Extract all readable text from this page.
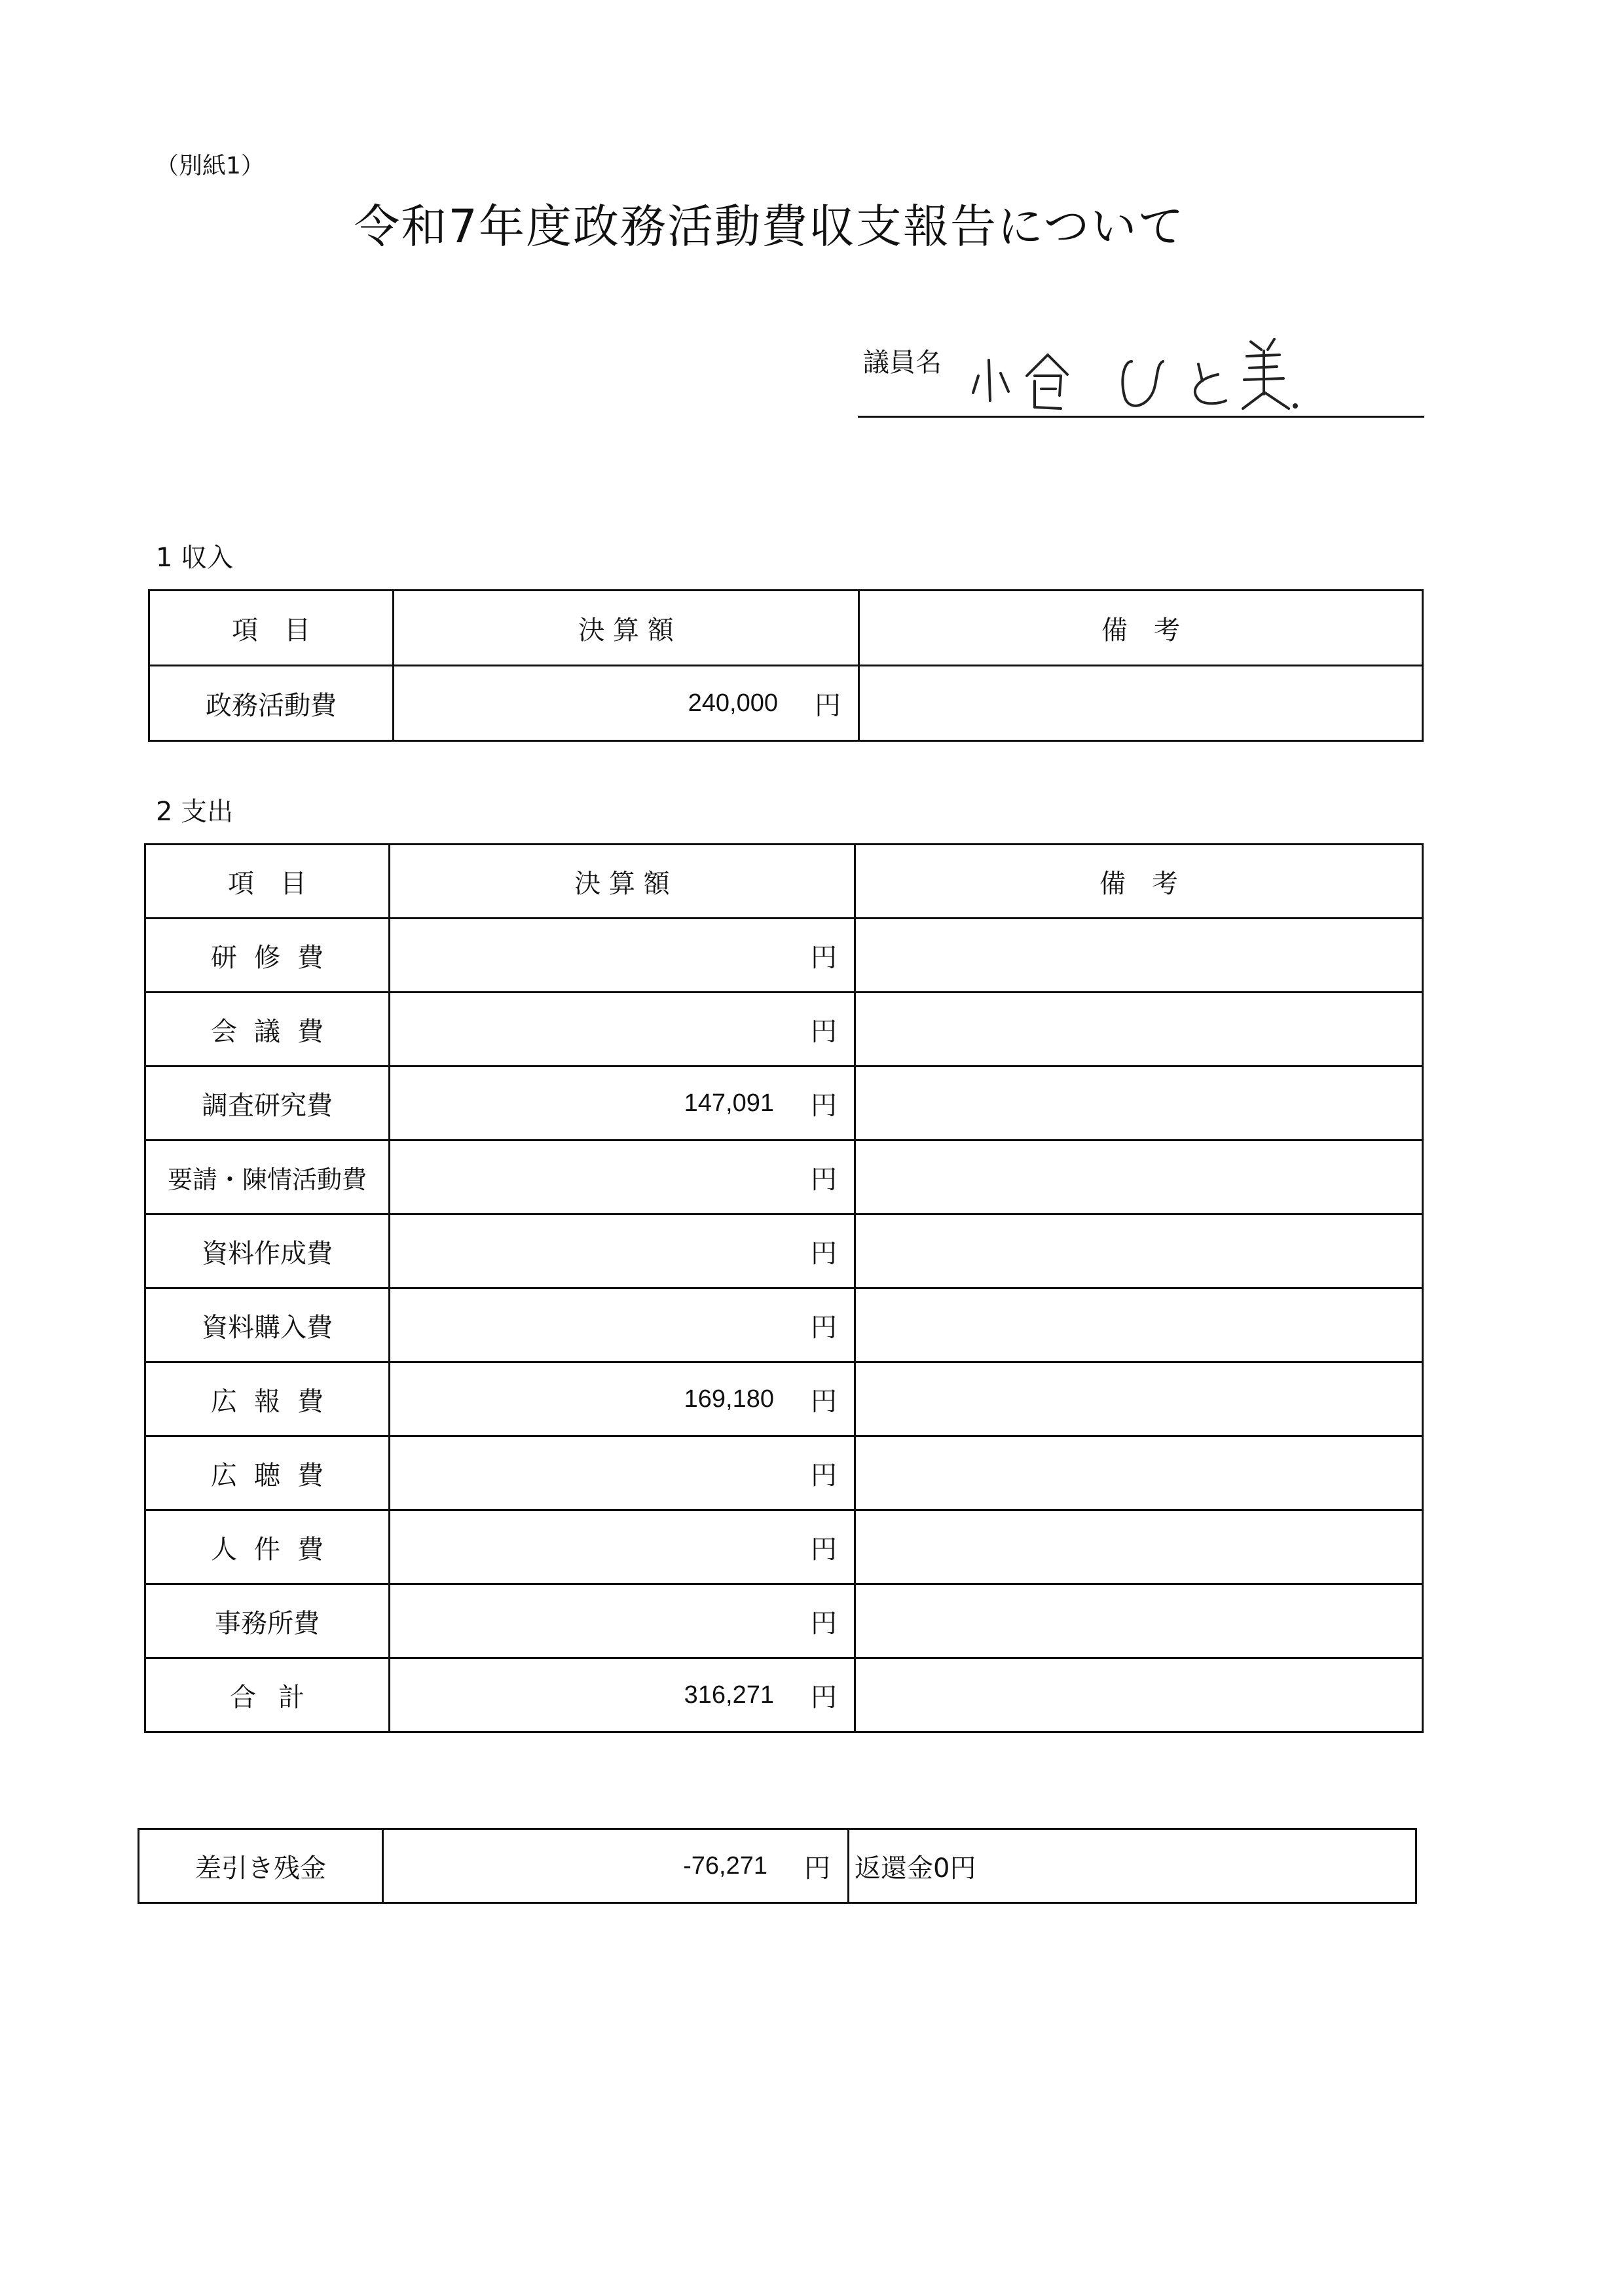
（別紙1）
令和7年度政務活動費収支報告について
議員名
1 収入
項　目	決 算 額	備　考
政務活動費	240,000 円	

2 支出
項　目	決 算 額	備　考
研修費	円	

会議費	円	

調査研究費	147,091 円	

要請・陳情活動費	円	

資料作成費	円	

資料購入費	円	

広報費	169,180 円	

広聴費	円	

人件費	円	

事務所費	円	

合計	316,271 円	

差引き残金	-76,271 円	返還金0円
